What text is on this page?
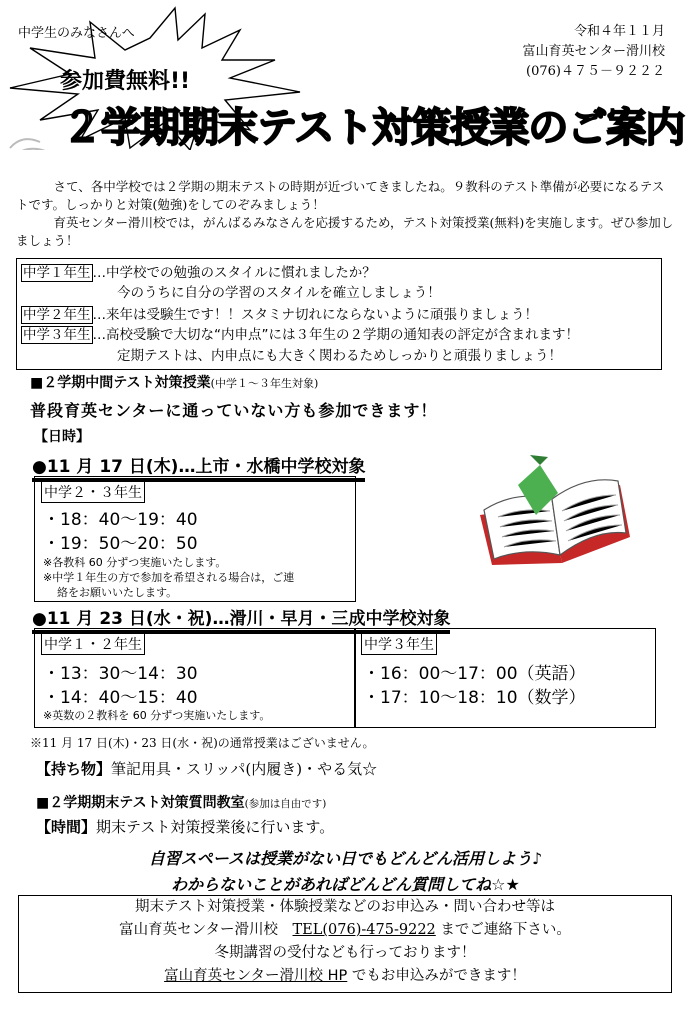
中学生のみなさんへ	令和４年１１月
富山育英センター滑川校
(076)４７５－９２２２
参加費無料!!
２学期期末テスト対策授業のご案内

さて、各中学校では２学期の期末テストの時期が近づいてきましたね。９教科のテスト準備が必要になるテストです。しっかりと対策(勉強)をしてのぞみましょう！

育英センター滑川校では，がんばるみなさんを応援するため，テスト対策授業(無料)を実施します。ぜひ参加しましょう！

中学１年生 …中学校での勉強のスタイルに慣れましたか？
今のうちに自分の学習のスタイルを確立しましょう！
中学２年生 …来年は受験生です！！スタミナ切れにならないように頑張りましょう！
中学３年生 …高校受験で大切な“内申点”には３年生の２学期の通知表の評定が含まれます！
定期テストは、内申点にも大きく関わるためしっかりと頑張りましょう！
■２学期中間テスト対策授業(中学１～３年生対象)
普段育英センターに通っていない方も参加できます！
【日時】
●11 月 17 日(木)…上市・水橋中学校対象
中学２・３年生
・18：40～19：40
・19：50～20：50
※各教科 60 分ずつ実施いたします。
※中学１年生の方で参加を希望される場合は，ご連
絡をお願いいたします。
●11 月 23 日(水・祝)…滑川・早月・三成中学校対象
中学１・２年生
・13：30～14：30
・14：40～15：40
※英数の２教科を 60 分ずつ実施いたします。
中学３年生
・16：00～17：00（英語）
・17：10～18：10（数学）
※11 月 17 日(木)・23 日(水・祝)の通常授業はございません。
【持ち物】筆記用具・スリッパ(内履き)・やる気☆
■２学期期末テスト対策質問教室(参加は自由です)
【時間】期末テスト対策授業後に行います。
自習スペースは授業がない日でもどんどん活用しよう♪
わからないことがあればどんどん質問してね☆★
期末テスト対策授業・体験授業などのお申込み・問い合わせ等は
富山育英センター滑川校　TEL(076)-475-9222 までご連絡下さい。
冬期講習の受付なども行っております！
富山育英センター滑川校 HP でもお申込みができます！
